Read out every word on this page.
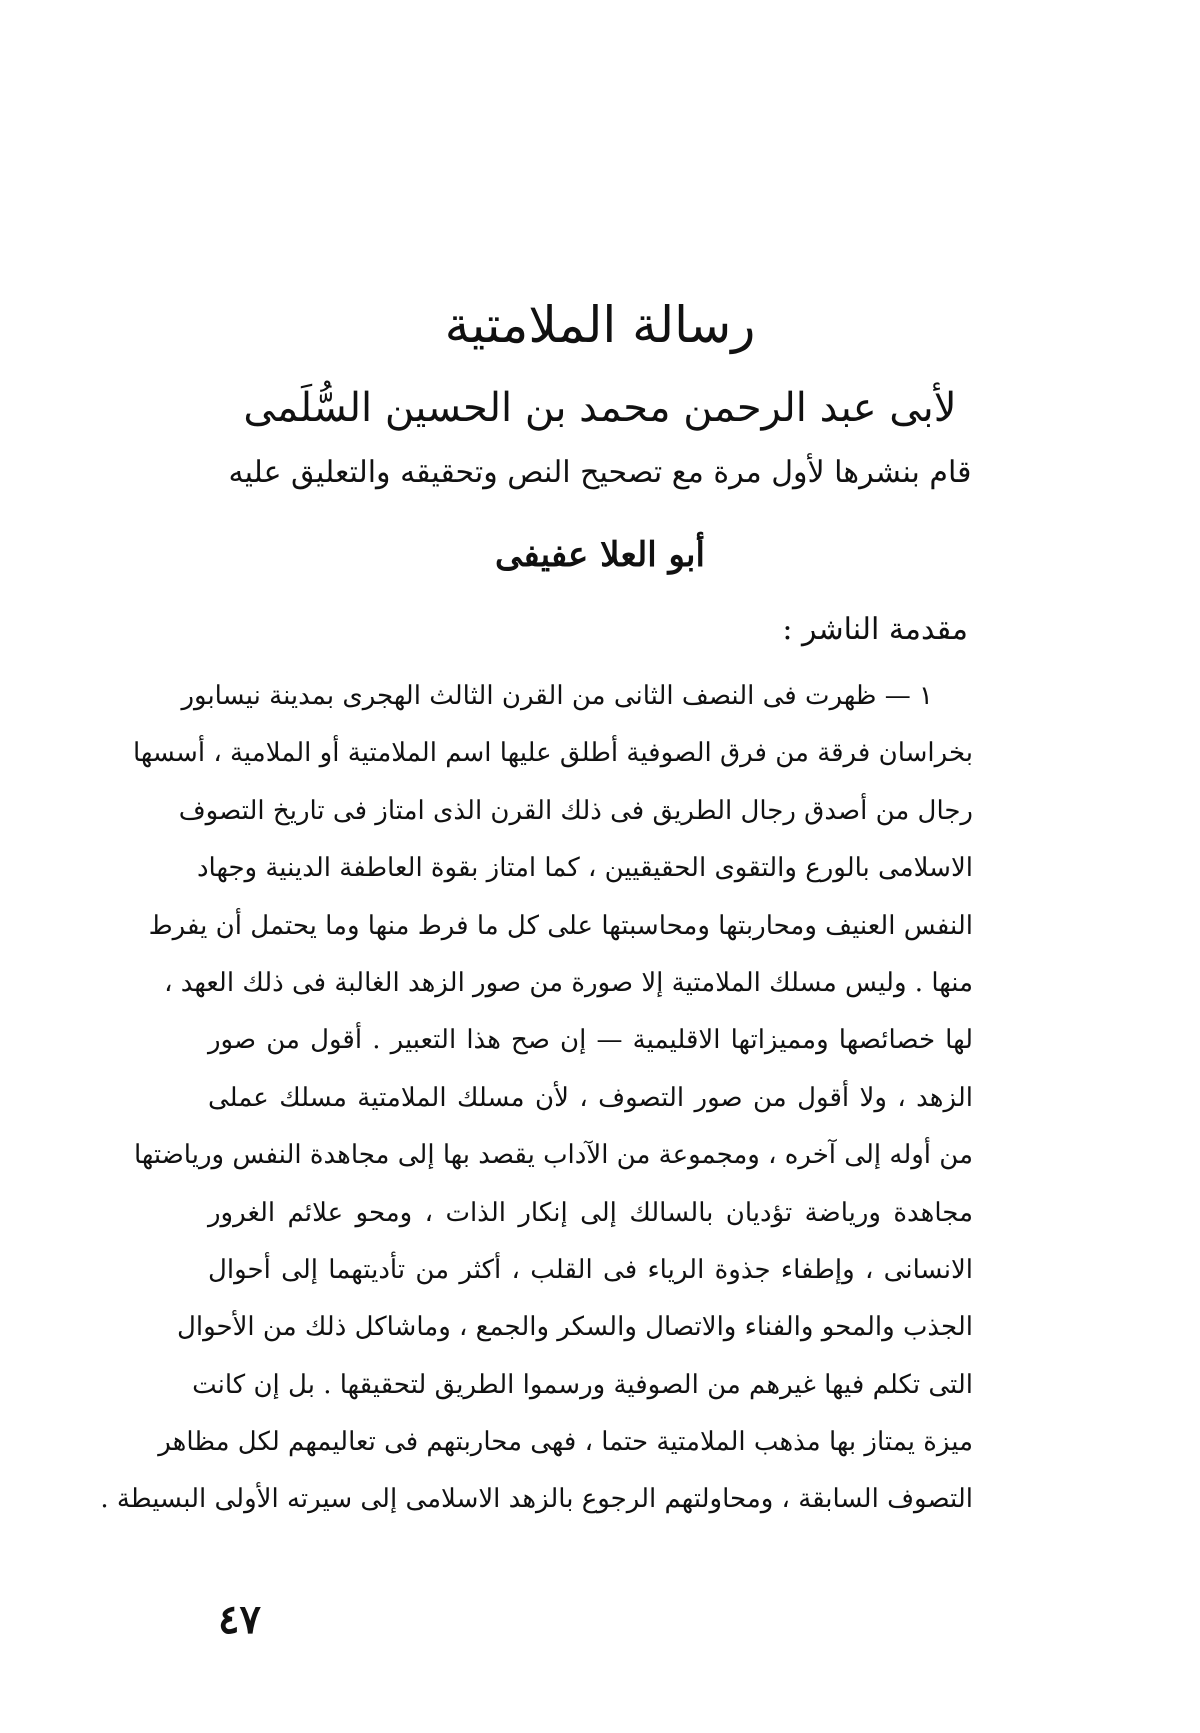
رسالة الملامتية
لأبى عبد الرحمن محمد بن الحسين السُّلَمى
قام بنشرها لأول مرة مع تصحيح النص وتحقيقه والتعليق عليه
أبو العلا عفيفى
مقدمة الناشر :
١ — ظهرت فى النصف الثانى من القرن الثالث الهجرى بمدينة نيسابور
بخراسان فرقة من فرق الصوفية أطلق عليها اسم الملامتية أو الملامية ، أسسها
رجال من أصدق رجال الطريق فى ذلك القرن الذى امتاز فى تاريخ التصوف
الاسلامى بالورع والتقوى الحقيقيين ، كما امتاز بقوة العاطفة الدينية وجهاد
النفس العنيف ومحاربتها ومحاسبتها على كل ما فرط منها وما يحتمل أن يفرط
منها . وليس مسلك الملامتية إلا صورة من صور الزهد الغالبة فى ذلك العهد ،
لها خصائصها ومميزاتها الاقليمية — إن صح هذا التعبير . أقول من صور
الزهد ، ولا أقول من صور التصوف ، لأن مسلك الملامتية مسلك عملى
من أوله إلى آخره ، ومجموعة من الآداب يقصد بها إلى مجاهدة النفس ورياضتها
مجاهدة ورياضة تؤديان بالسالك إلى إنكار الذات ، ومحو علائم الغرور
الانسانى ، وإطفاء جذوة الرياء فى القلب ، أكثر من تأديتهما إلى أحوال
الجذب والمحو والفناء والاتصال والسكر والجمع ، وماشاكل ذلك من الأحوال
التى تكلم فيها غيرهم من الصوفية ورسموا الطريق لتحقيقها . بل إن كانت
ميزة يمتاز بها مذهب الملامتية حتما ، فهى محاربتهم فى تعاليمهم لكل مظاهر
التصوف السابقة ، ومحاولتهم الرجوع بالزهد الاسلامى إلى سيرته الأولى البسيطة .
٤٧
